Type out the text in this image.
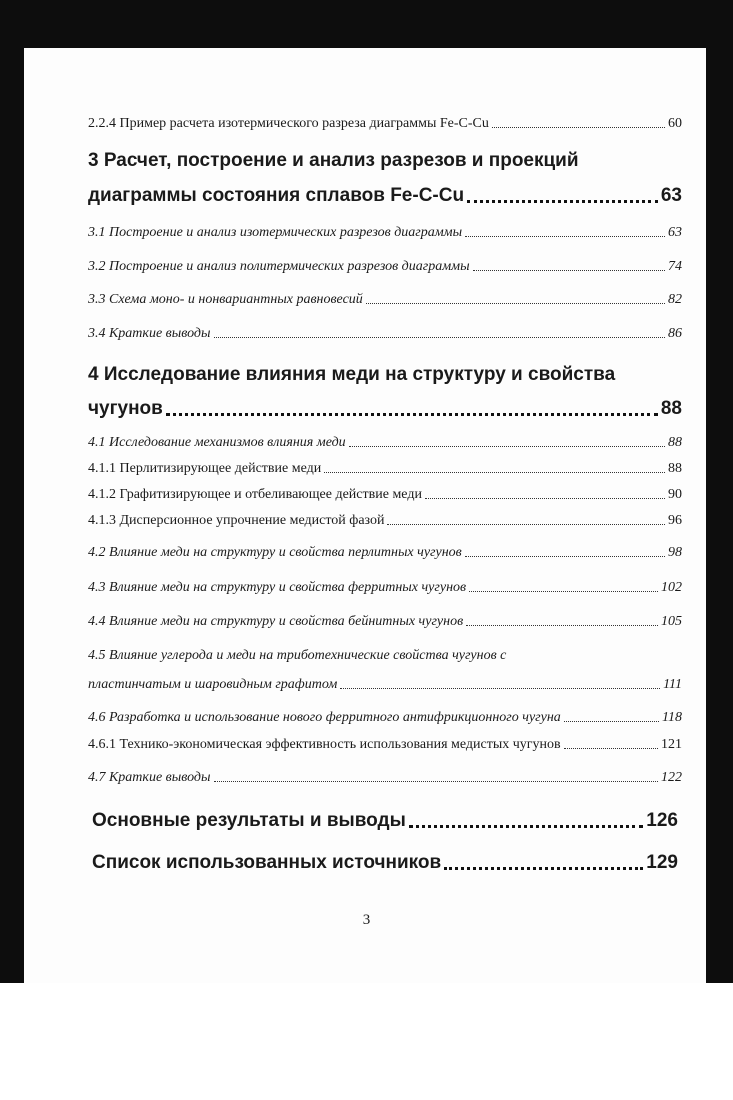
2.2.4 Пример расчета изотермического разреза диаграммы Fe-C-Cu	60
3 Расчет, построение и анализ разрезов и проекций
диаграммы состояния сплавов Fe-C-Cu	63
3.1 Построение и анализ изотермических разрезов диаграммы	63
3.2 Построение и анализ политермических разрезов диаграммы	74
3.3 Схема моно- и нонвариантных равновесий	82
3.4 Краткие выводы	86
4 Исследование влияния меди на структуру и свойства
чугунов	88
4.1 Исследование механизмов влияния меди	88
4.1.1 Перлитизирующее действие меди	88
4.1.2 Графитизирующее и отбеливающее действие меди	90
4.1.3 Дисперсионное упрочнение медистой фазой	96
4.2 Влияние меди на структуру и свойства перлитных чугунов	98
4.3 Влияние меди на структуру и свойства ферритных чугунов	102
4.4 Влияние меди на структуру и свойства бейнитных чугунов	105
4.5 Влияние углерода и меди на триботехнические свойства чугунов с
пластинчатым и шаровидным графитом	111
4.6 Разработка и использование нового ферритного антифрикционного чугуна	118
4.6.1 Технико-экономическая эффективность использования медистых чугунов	121
4.7 Краткие выводы	122
Основные результаты и выводы	126
Список использованных источников	129
3
